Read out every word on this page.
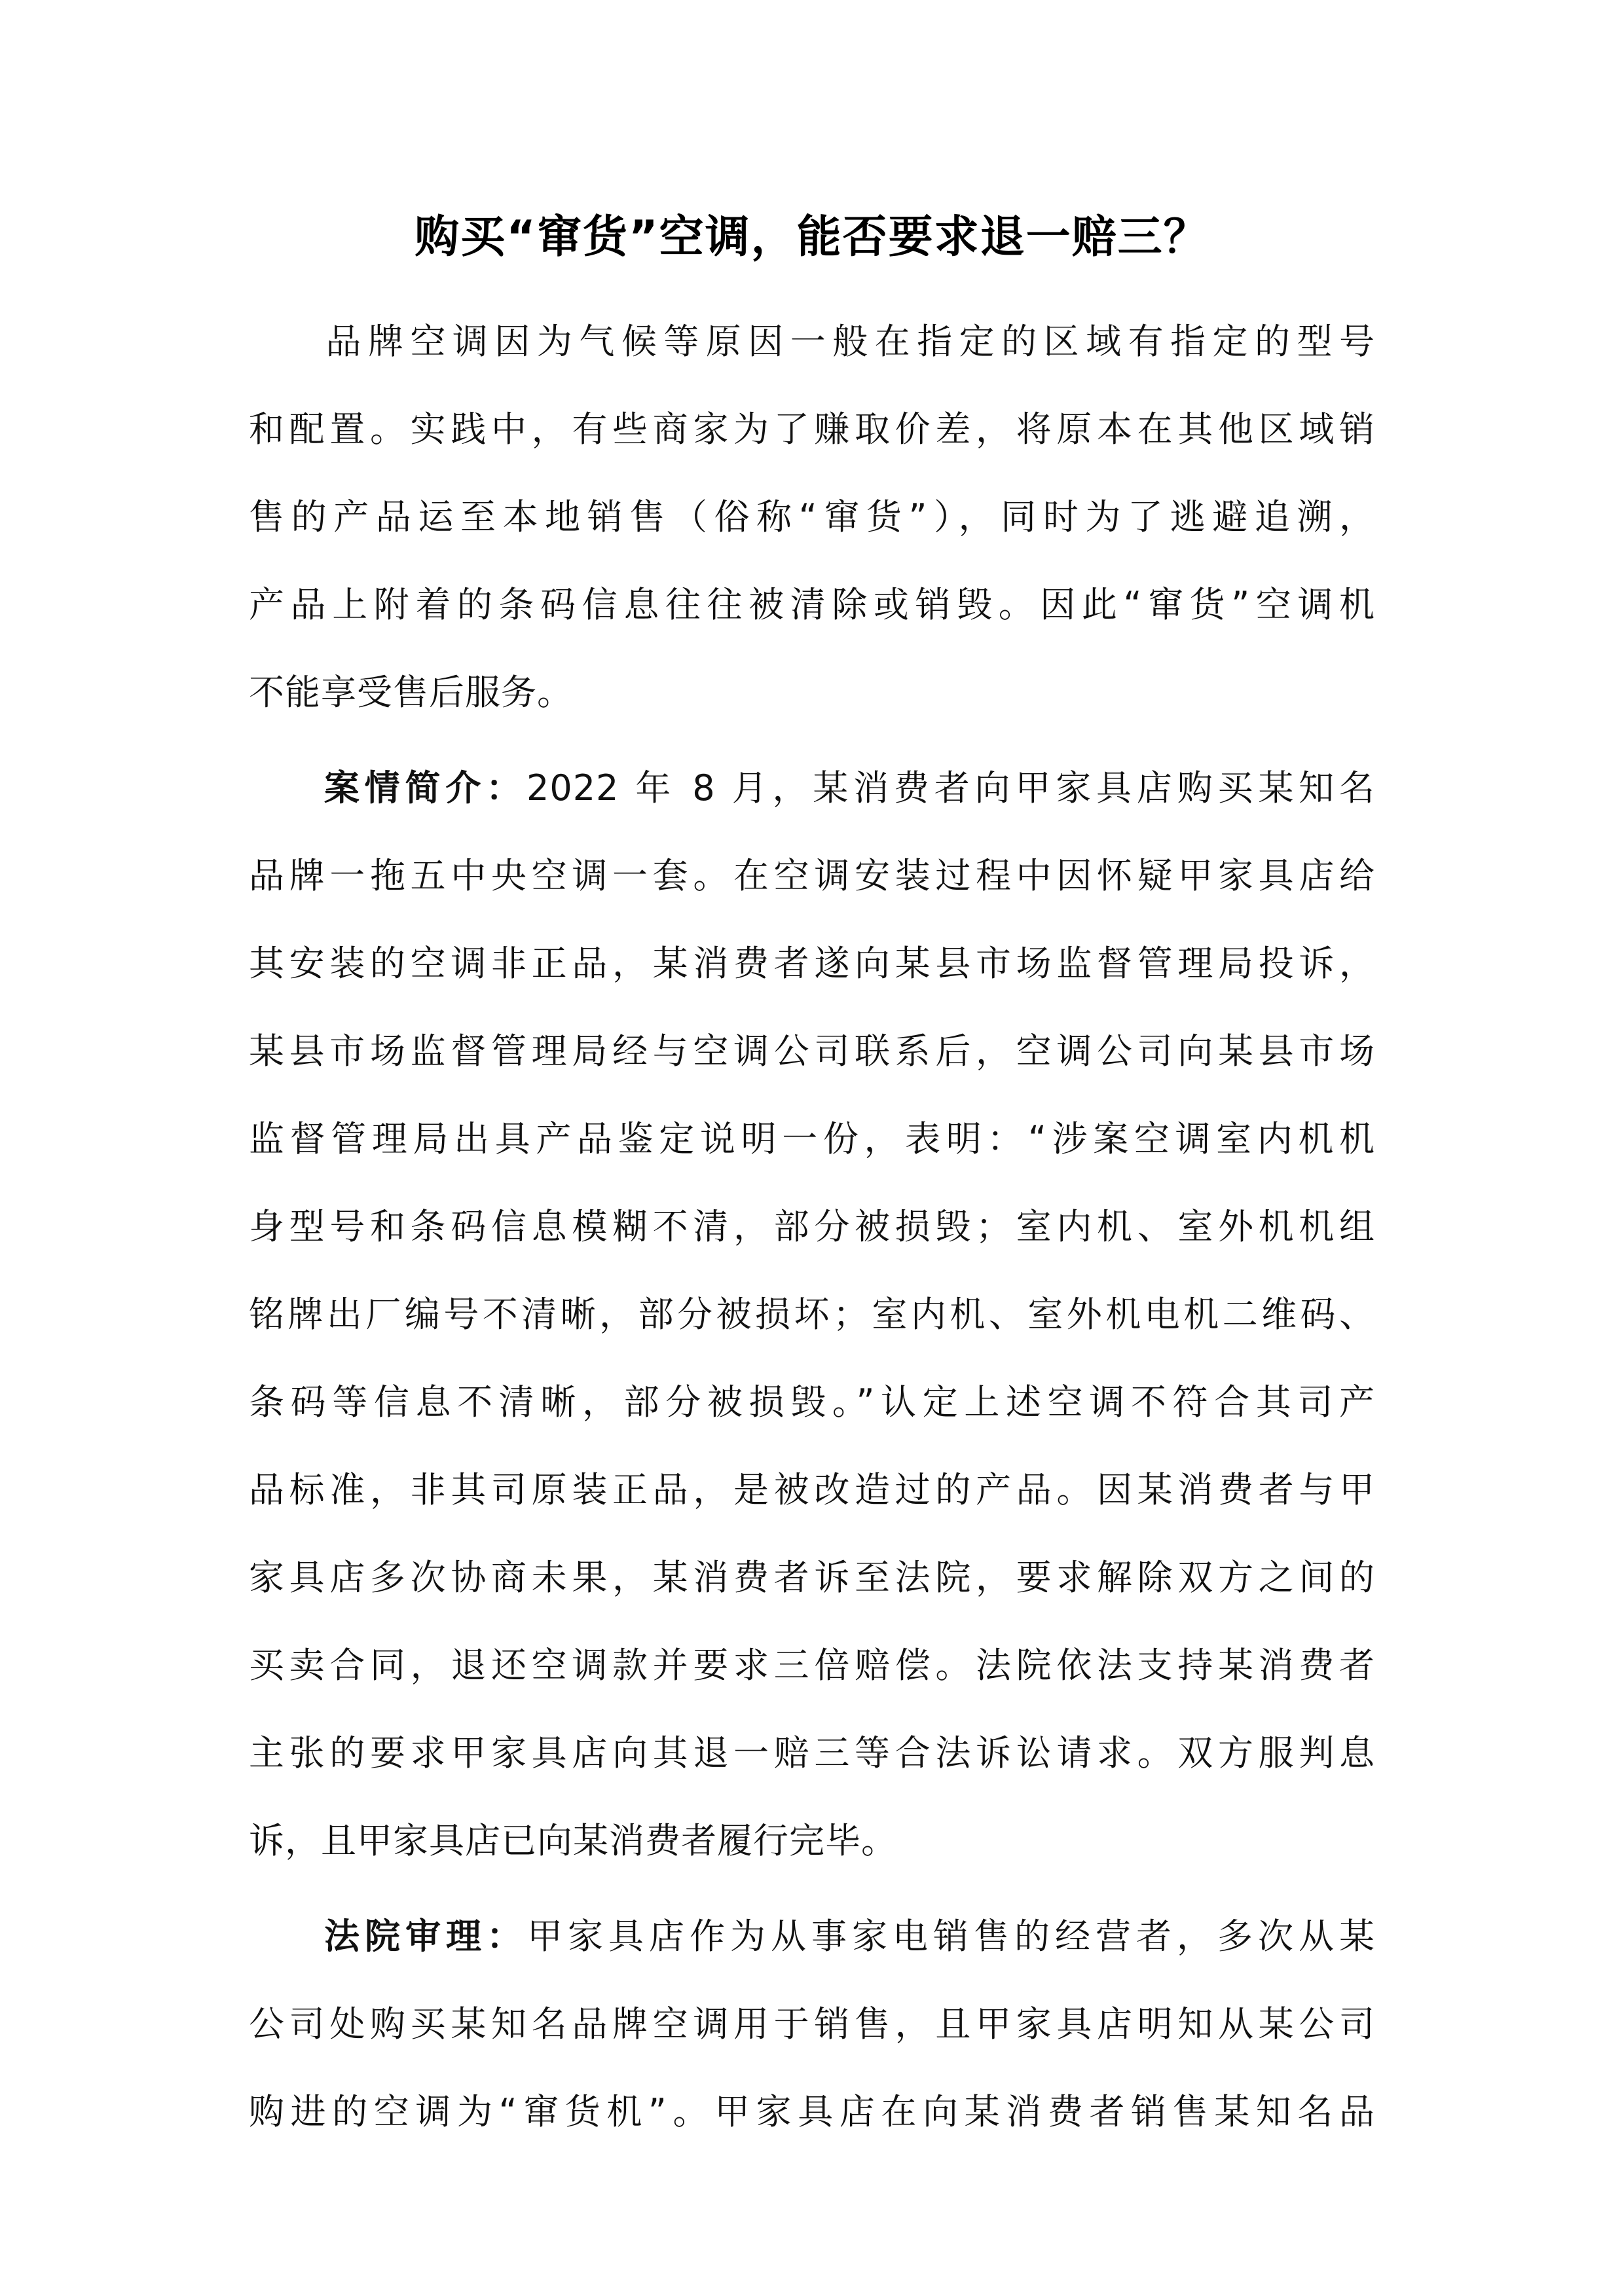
购买“窜货”空调，能否要求退一赔三？
品牌空调因为气候等原因一般在指定的区域有指定的型号
和配置。实践中，有些商家为了赚取价差，将原本在其他区域销
售的产品运至本地销售（俗称“窜货”），同时为了逃避追溯，
产品上附着的条码信息往往被清除或销毁。因此“窜货”空调机
不能享受售后服务。
案情简介：2022 年 8 月，某消费者向甲家具店购买某知名
品牌一拖五中央空调一套。在空调安装过程中因怀疑甲家具店给
其安装的空调非正品，某消费者遂向某县市场监督管理局投诉，
某县市场监督管理局经与空调公司联系后，空调公司向某县市场
监督管理局出具产品鉴定说明一份，表明：“涉案空调室内机机
身型号和条码信息模糊不清，部分被损毁；室内机、室外机机组
铭牌出厂编号不清晰，部分被损坏；室内机、室外机电机二维码、
条码等信息不清晰，部分被损毁。”认定上述空调不符合其司产
品标准，非其司原装正品，是被改造过的产品。因某消费者与甲
家具店多次协商未果，某消费者诉至法院，要求解除双方之间的
买卖合同，退还空调款并要求三倍赔偿。法院依法支持某消费者
主张的要求甲家具店向其退一赔三等合法诉讼请求。双方服判息
诉，且甲家具店已向某消费者履行完毕。
法院审理：甲家具店作为从事家电销售的经营者，多次从某
公司处购买某知名品牌空调用于销售，且甲家具店明知从某公司
购进的空调为“窜货机”。甲家具店在向某消费者销售某知名品
